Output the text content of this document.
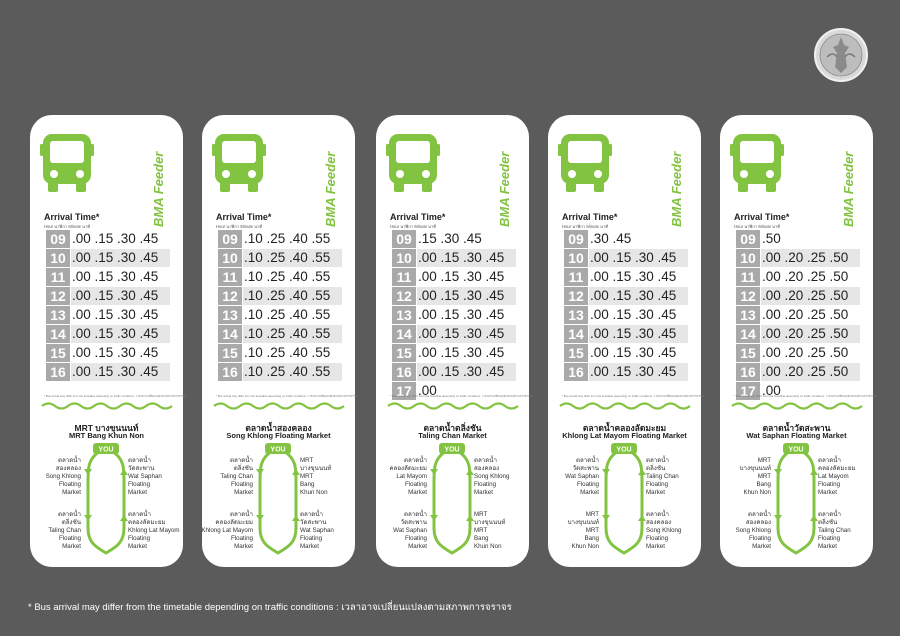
BMA Feeder
Arrival Time*
Hour นาฬิกา Minute นาที
09 .00 .15 .30 .45
10 .00 .15 .30 .45
11 .00 .15 .30 .45
12 .00 .15 .30 .45
13 .00 .15 .30 .45
14 .00 .15 .30 .45
15 .00 .15 .30 .45
16 .00 .15 .30 .45
* Bus arrival may differ from the timetable depending on traffic conditions : เวลาอาจเปลี่ยนแปลงตามสภาพการจราจร
MRT บางขุนนนท์
MRT Bang Khun Non
YOU
ตลาดน้ำ
สองคลอง
Song Khlong
Floating
Market
ตลาดน้ำ
วัดสะพาน
Wat Saphan
Floating
Market
ตลาดน้ำ
ตลิ่งชัน
Taling Chan
Floating
Market
ตลาดน้ำ
คลองลัดมะยม
Khlong Lat Mayom
Floating
Market
BMA Feeder
Arrival Time*
Hour นาฬิกา Minute นาที
09 .10 .25 .40 .55
10 .10 .25 .40 .55
11 .10 .25 .40 .55
12 .10 .25 .40 .55
13 .10 .25 .40 .55
14 .10 .25 .40 .55
15 .10 .25 .40 .55
16 .10 .25 .40 .55
* Bus arrival may differ from the timetable depending on traffic conditions : เวลาอาจเปลี่ยนแปลงตามสภาพการจราจร
ตลาดน้ำสองคลอง
Song Khlong Floating Market
YOU
ตลาดน้ำ
ตลิ่งชัน
Taling Chan
Floating
Market
MRT
บางขุนนนท์
MRT
Bang
Khun Non
ตลาดน้ำ
คลองลัดมะยม
Khlong Lat Mayom
Floating
Market
ตลาดน้ำ
วัดสะพาน
Wat Saphan
Floating
Market
BMA Feeder
Arrival Time*
Hour นาฬิกา Minute นาที
09 .15 .30 .45
10 .00 .15 .30 .45
11 .00 .15 .30 .45
12 .00 .15 .30 .45
13 .00 .15 .30 .45
14 .00 .15 .30 .45
15 .00 .15 .30 .45
16 .00 .15 .30 .45
17 .00
* Bus arrival may differ from the timetable depending on traffic conditions : เวลาอาจเปลี่ยนแปลงตามสภาพการจราจร
ตลาดน้ำตลิ่งชัน
Taling Chan Market
YOU
ตลาดน้ำ
คลองลัดมะยม
Lat Mayom
Floating
Market
ตลาดน้ำ
สองคลอง
Song Khlong
Floating
Market
ตลาดน้ำ
วัดสะพาน
Wat Saphan
Floating
Market
MRT
บางขุนนนท์
MRT
Bang
Khun Non
BMA Feeder
Arrival Time*
Hour นาฬิกา Minute นาที
09 .30 .45
10 .00 .15 .30 .45
11 .00 .15 .30 .45
12 .00 .15 .30 .45
13 .00 .15 .30 .45
14 .00 .15 .30 .45
15 .00 .15 .30 .45
16 .00 .15 .30 .45
* Bus arrival may differ from the timetable depending on traffic conditions : เวลาอาจเปลี่ยนแปลงตามสภาพการจราจร
ตลาดน้ำคลองลัดมะยม
Khlong Lat Mayom Floating Market
YOU
ตลาดน้ำ
วัดสะพาน
Wat Saphan
Floating
Market
ตลาดน้ำ
ตลิ่งชัน
Taling Chan
Floating
Market
MRT
บางขุนนนท์
MRT
Bang
Khun Non
ตลาดน้ำ
สองคลอง
Song Khlong
Floating
Market
BMA Feeder
Arrival Time*
Hour นาฬิกา Minute นาที
09 .50
10 .00 .20 .25 .50
11 .00 .20 .25 .50
12 .00 .20 .25 .50
13 .00 .20 .25 .50
14 .00 .20 .25 .50
15 .00 .20 .25 .50
16 .00 .20 .25 .50
17 .00
* Bus arrival may differ from the timetable depending on traffic conditions : เวลาอาจเปลี่ยนแปลงตามสภาพการจราจร
ตลาดน้ำวัดสะพาน
Wat Saphan Floating Market
YOU
MRT
บางขุนนนท์
MRT
Bang
Khun Non
ตลาดน้ำ
คลองลัดมะยม
Lat Mayom
Floating
Market
ตลาดน้ำ
สองคลอง
Song Khlong
Floating
Market
ตลาดน้ำ
ตลิ่งชัน
Taling Chan
Floating
Market
* Bus arrival may differ from the timetable depending on traffic conditions : เวลาอาจเปลี่ยนแปลงตามสภาพการจราจร
